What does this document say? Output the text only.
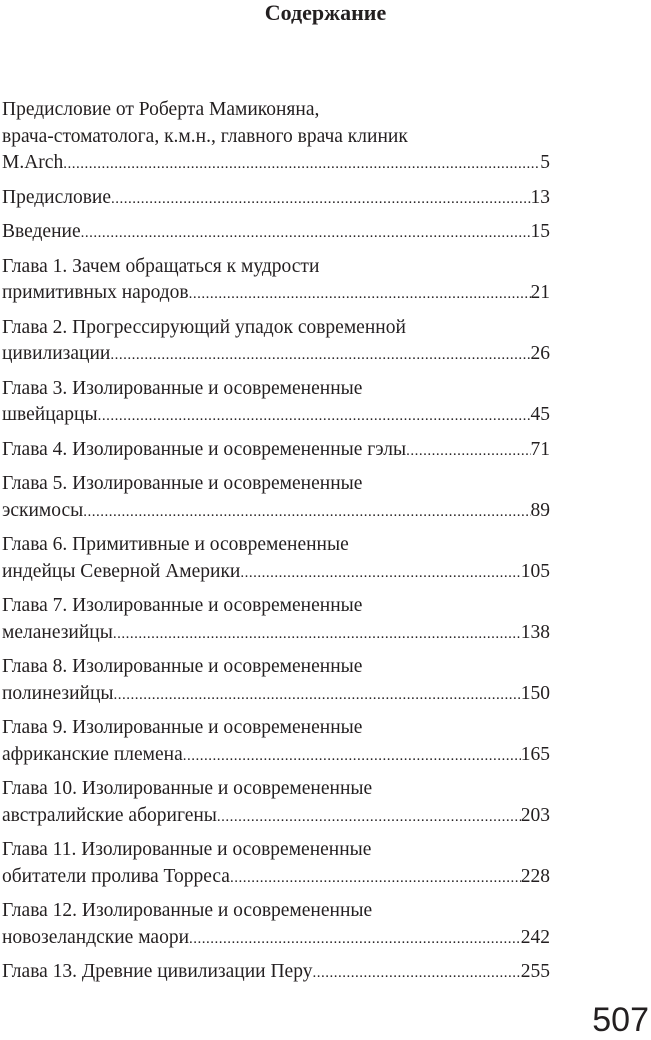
Содержание
Предисловие от Роберта Мамиконяна,
врача-стоматолога, к.м.н., главного врача клиник
M.Arch .....	5
Предисловие .....	13
Введение .....	15
Глава 1. Зачем обращаться к мудрости
примитивных народов .....	21
Глава 2. Прогрессирующий упадок современной
цивилизации .....	26
Глава 3. Изолированные и осовремененные
швейцарцы .....	45
Глава 4. Изолированные и осовремененные гэлы .....	71
Глава 5. Изолированные и осовремененные
эскимосы .....	89
Глава 6. Примитивные и осовремененные
индейцы Северной Америки .....	105
Глава 7. Изолированные и осовремененные
меланезийцы .....	138
Глава 8. Изолированные и осовремененные
полинезийцы .....	150
Глава 9. Изолированные и осовремененные
африканские племена .....	165
Глава 10. Изолированные и осовремененные
австралийские аборигены .....	203
Глава 11. Изолированные и осовремененные
обитатели пролива Торреса .....	228
Глава 12. Изолированные и осовремененные
новозеландские маори .....	242
Глава 13. Древние цивилизации Перу .....	255
507
